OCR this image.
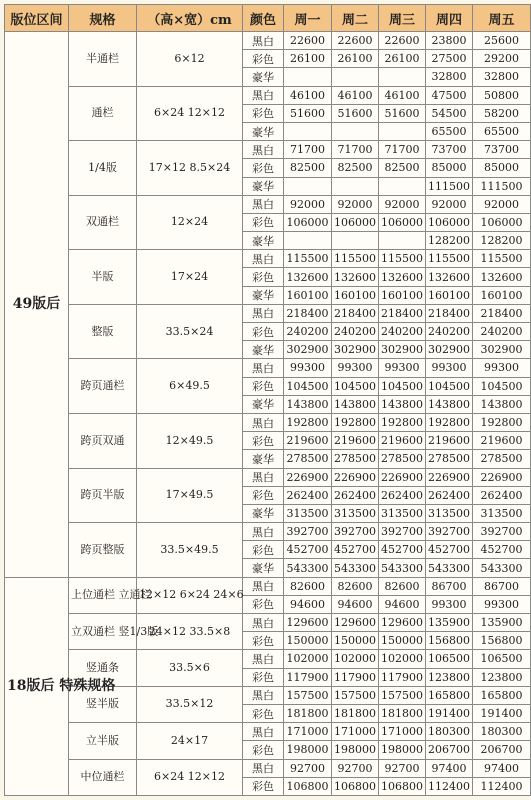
版位区间	规格	（高×宽）cm	颜色	周一	周二	周三	周四	周五
49版后	半通栏	6×12	黑白	22600	22600	22600	23800	25600
			彩色	26100	26100	26100	27500	29200
			豪华				32800	32800
	通栏	6×24 12×12	黑白	46100	46100	46100	47500	50800
			彩色	51600	51600	51600	54500	58200
			豪华				65500	65500
	1/4版	17×12 8.5×24	黑白	71700	71700	71700	73700	73700
			彩色	82500	82500	82500	85000	85000
			豪华				111500	111500
	双通栏	12×24	黑白	92000	92000	92000	92000	92000
			彩色	106000	106000	106000	106000	106000
			豪华				128200	128200
	半版	17×24	黑白	115500	115500	115500	115500	115500
			彩色	132600	132600	132600	132600	132600
			豪华	160100	160100	160100	160100	160100
	整版	33.5×24	黑白	218400	218400	218400	218400	218400
			彩色	240200	240200	240200	240200	240200
			豪华	302900	302900	302900	302900	302900
	跨页通栏	6×49.5	黑白	99300	99300	99300	99300	99300
			彩色	104500	104500	104500	104500	104500
			豪华	143800	143800	143800	143800	143800
	跨页双通	12×49.5	黑白	192800	192800	192800	192800	192800
			彩色	219600	219600	219600	219600	219600
			豪华	278500	278500	278500	278500	278500
	跨页半版	17×49.5	黑白	226900	226900	226900	226900	226900
			彩色	262400	262400	262400	262400	262400
			豪华	313500	313500	313500	313500	313500
	跨页整版	33.5×49.5	黑白	392700	392700	392700	392700	392700
			彩色	452700	452700	452700	452700	452700
			豪华	543300	543300	543300	543300	543300
18版后 特殊规格	上位通栏 立通栏	12×12 6×24 24×6	黑白	82600	82600	82600	86700	86700
			彩色	94600	94600	94600	99300	99300
	立双通栏 竖1/3版	24×12 33.5×8	黑白	129600	129600	129600	135900	135900
			彩色	150000	150000	150000	156800	156800
	竖通条	33.5×6	黑白	102000	102000	102000	106500	106500
			彩色	117900	117900	117900	123800	123800
	竖半版	33.5×12	黑白	157500	157500	157500	165800	165800
			彩色	181800	181800	181800	191400	191400
	立半版	24×17	黑白	171000	171000	171000	180300	180300
			彩色	198000	198000	198000	206700	206700
	中位通栏	6×24 12×12	黑白	92700	92700	92700	97400	97400
			彩色	106800	106800	106800	112400	112400
